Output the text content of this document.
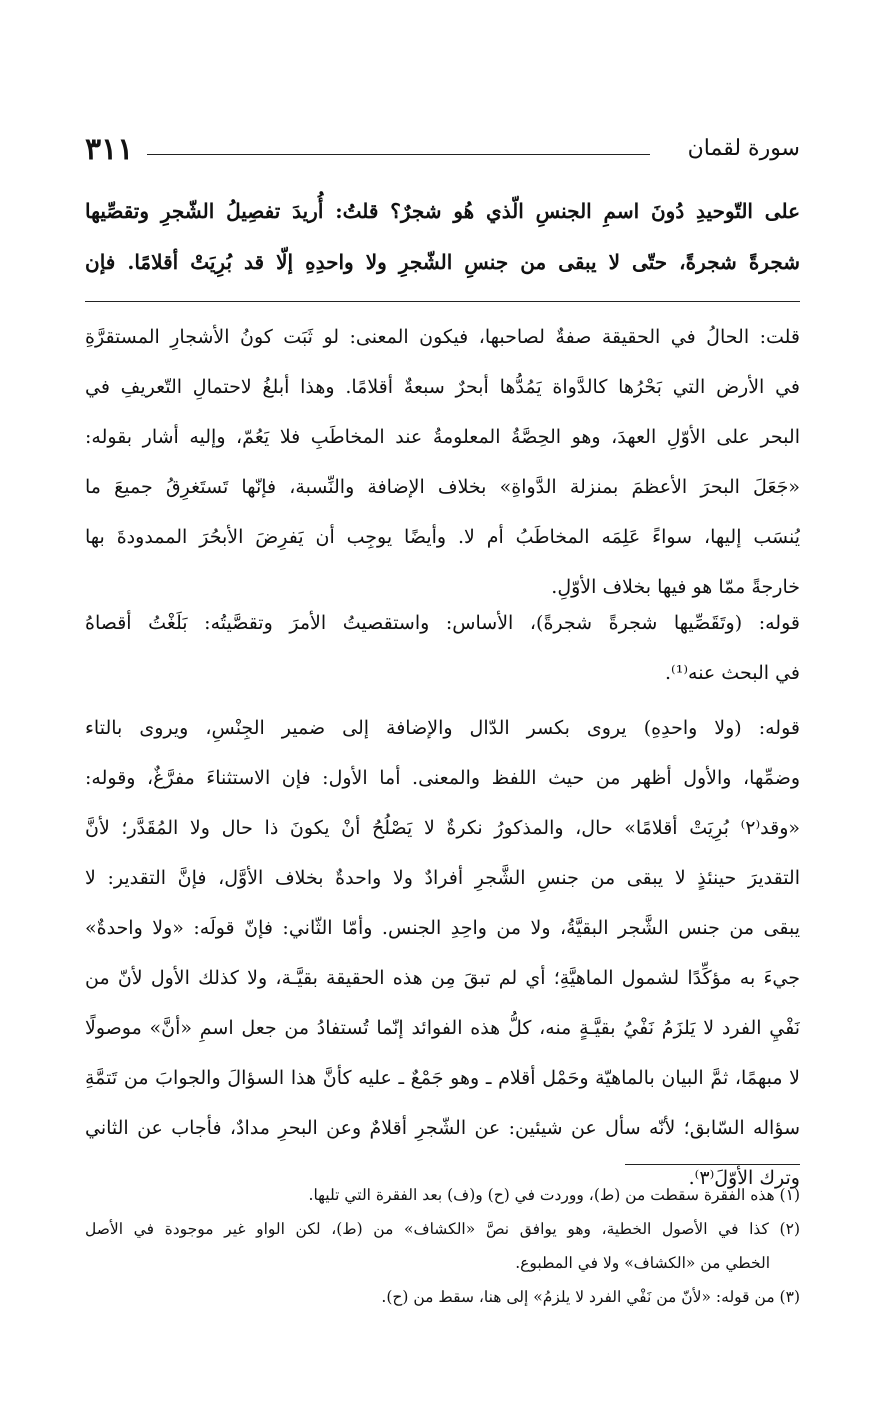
سورة لقمان
٣١١
على التّوحيدِ دُونَ اسمِ الجنسِ الّذي هُو شجرٌ؟ قلتُ: أُريدَ تفصِيلُ الشّجرِ وتقصِّيها
شجرةً شجرةً، حتّى لا يبقى من جنسِ الشّجرِ ولا واحدِهِ إلّا قد بُرِيَتْ أقلامًا. فإن
قلت: الحالُ في الحقيقة صفةٌ لصاحبها، فيكون المعنى: لو ثَبَت كونُ الأشجارِ المستقرَّةِ
في الأرض التي بَحْرُها كالدَّواة يَمُدُّها أبحرٌ سبعةٌ أقلامًا. وهذا أبلغُ لاحتمالِ التّعريفِ في
البحر على الأوّلِ العهدَ، وهو الحِصَّةُ المعلومةُ عند المخاطَبِ فلا يَعُمّ، وإليه أشار بقوله:
«جَعَلَ البحرَ الأعظمَ بمنزلة الدَّواةِ» بخلاف الإضافة والنِّسبة، فإنّها تَستَغرِقُ جميعَ ما
يُنسَب إليها، سواءً عَلِمَه المخاطَبُ أم لا. وأيضًا يوجِب أن يَفرِضَ الأبحُرَ الممدودةَ بها
خارجةً ممّا هو فيها بخلاف الأوّلِ.
قوله: (وتَقَصِّيها شجرةً شجرةً)، الأساس: واستقصيتُ الأمرَ وتقصَّيتُه: بَلَغْتُ أقصاهُ
في البحث عنه⁽¹⁾.
قوله: (ولا واحدِهِ) يروى بكسر الدّال والإضافة إلى ضمير الجِنْسِ، ويروى بالتاء
وضمِّها، والأول أظهر من حيث اللفظ والمعنى. أما الأول: فإن الاستثناءَ مفرَّغٌ، وقوله:
«وقد⁽٢⁾ بُرِيَتْ أقلامًا» حال، والمذكورُ نكرةٌ لا يَصْلُحُ أنْ يكونَ ذا حال ولا المُقَدَّر؛ لأنَّ
التقديرَ حينئذٍ لا يبقى من جنسِ الشَّجرِ أفرادٌ ولا واحدةٌ بخلاف الأوَّل، فإنَّ التقدير: لا
يبقى من جنس الشَّجر البقيَّةُ، ولا من واحِدِ الجنس. وأمّا الثّاني: فإنّ قولَه: «ولا واحدةٌ»
جيءَ به مؤكِّدًا لشمول الماهيَّةِ؛ أي لم تبقَ مِن هذه الحقيقة بقيَّـة، ولا كذلك الأول لأنّ من
نَفْيِ الفرد لا يَلزَمُ نَفْيُ بقيَّـةٍ منه، كلُّ هذه الفوائد إنّما تُستفادُ من جعل اسمِ «أنَّ» موصولًا
لا مبهمًا، ثمَّ البيان بالماهيّة وحَمْل أقلام ـ وهو جَمْعٌ ـ عليه كأنَّ هذا السؤالَ والجوابَ من تَتمَّةِ
سؤاله السّابق؛ لأنّه سأل عن شيئين: عن الشّجرِ أقلامٌ وعن البحرِ مدادٌ، فأجاب عن الثاني
وترك الأوّلَ⁽٣⁾.
(١) هذه الفقرة سقطت من (ط)، ووردت في (ح) و(ف) بعد الفقرة التي تليها.
(٢) كذا في الأصول الخطية، وهو يوافق نصَّ «الكشاف» من (ط)، لكن الواو غير موجودة في الأصل
الخطي من «الكشاف» ولا في المطبوع.
(٣) من قوله: «لأنّ من نَفْي الفرد لا يلزمُ» إلى هنا، سقط من (ح).
